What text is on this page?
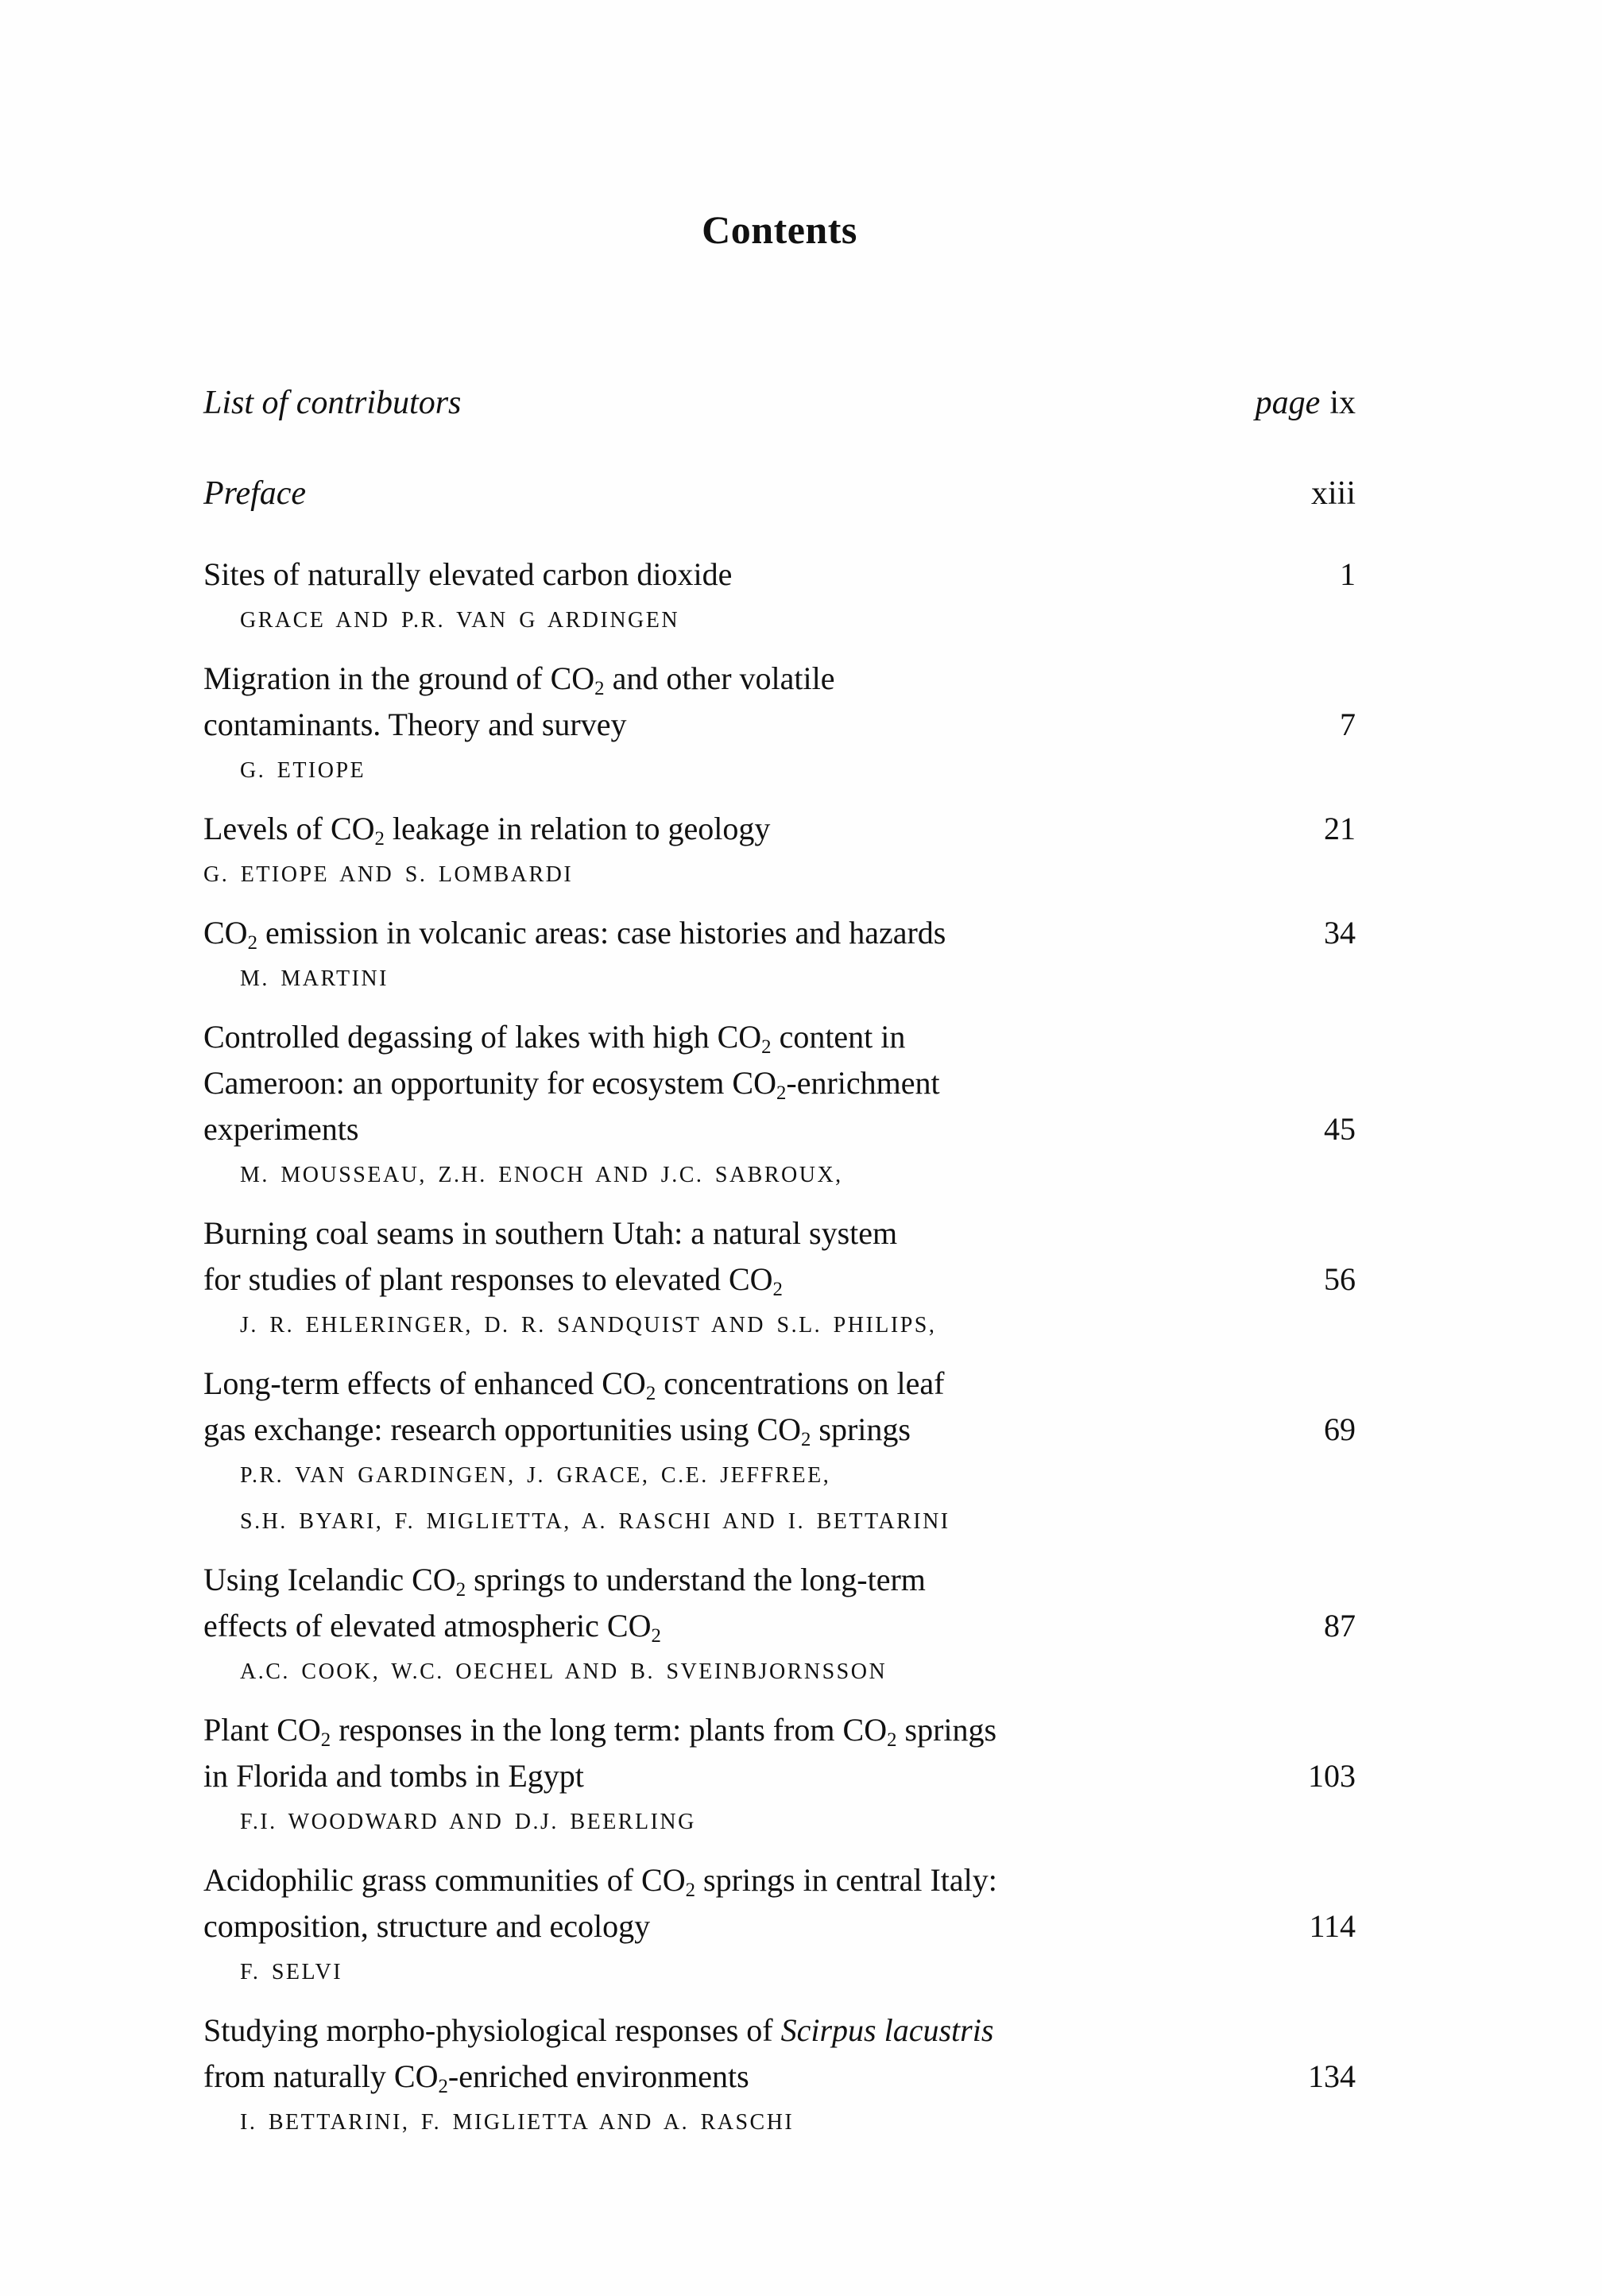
Contents
List of contributors	page ix
Preface	xiii
Sites of naturally elevated carbon dioxide	1
GRACE AND P.R. VAN G ARDINGEN
Migration in the ground of CO2 and other volatile
contaminants. Theory and survey	7
G. ETIOPE
Levels of CO2 leakage in relation to geology	21
G. ETIOPE AND S. LOMBARDI
CO2 emission in volcanic areas: case histories and hazards	34
M. MARTINI
Controlled degassing of lakes with high CO2 content in
Cameroon: an opportunity for ecosystem CO2-enrichment
experiments	45
M. MOUSSEAU, Z.H. ENOCH AND J.C. SABROUX,
Burning coal seams in southern Utah: a natural system
for studies of plant responses to elevated CO2	56
J. R. EHLERINGER, D. R. SANDQUIST AND S.L. PHILIPS,
Long-term effects of enhanced CO2 concentrations on leaf
gas exchange: research opportunities using CO2 springs	69
P.R. VAN GARDINGEN, J. GRACE, C.E. JEFFREE,
S.H. BYARI, F. MIGLIETTA, A. RASCHI AND I. BETTARINI
Using Icelandic CO2 springs to understand the long-term
effects of elevated atmospheric CO2	87
A.C. COOK, W.C. OECHEL AND B. SVEINBJORNSSON
Plant CO2 responses in the long term: plants from CO2 springs
in Florida and tombs in Egypt	103
F.I. WOODWARD AND D.J. BEERLING
Acidophilic grass communities of CO2 springs in central Italy:
composition, structure and ecology	114
F. SELVI
Studying morpho-physiological responses of Scirpus lacustris
from naturally CO2-enriched environments	134
I. BETTARINI, F. MIGLIETTA AND A. RASCHI
